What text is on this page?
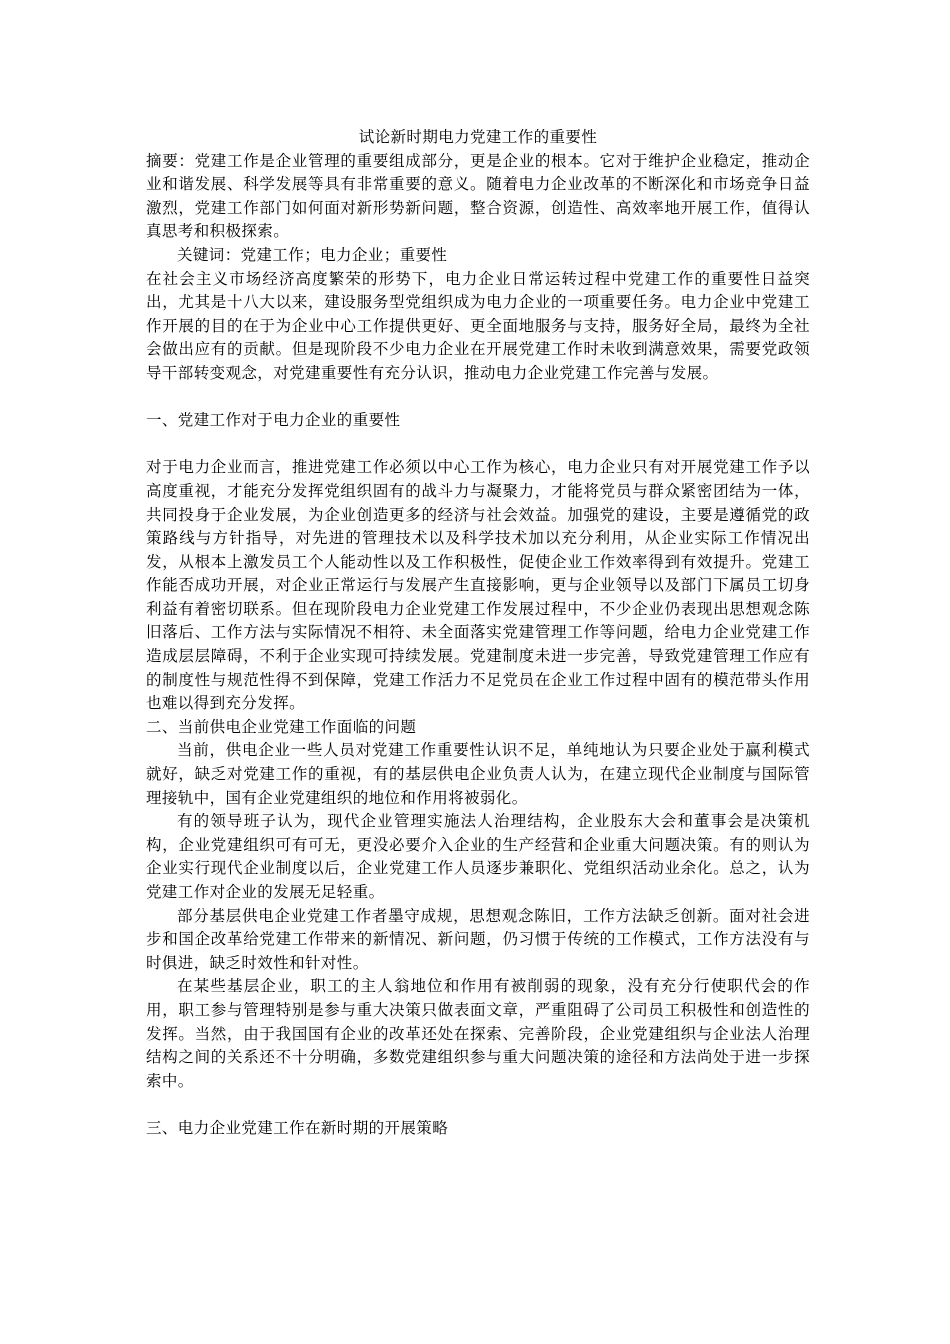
试论新时期电力党建工作的重要性

摘要：党建工作是企业管理的重要组成部分，更是企业的根本。它对于维护企业稳定，推动企业和谐发展、科学发展等具有非常重要的意义。随着电力企业改革的不断深化和市场竞争日益激烈，党建工作部门如何面对新形势新问题，整合资源，创造性、高效率地开展工作，值得认真思考和积极探索。

关键词：党建工作；电力企业；重要性

在社会主义市场经济高度繁荣的形势下，电力企业日常运转过程中党建工作的重要性日益突出，尤其是十八大以来，建设服务型党组织成为电力企业的一项重要任务。电力企业中党建工作开展的目的在于为企业中心工作提供更好、更全面地服务与支持，服务好全局，最终为全社会做出应有的贡献。但是现阶段不少电力企业在开展党建工作时未收到满意效果，需要党政领导干部转变观念，对党建重要性有充分认识，推动电力企业党建工作完善与发展。

一、党建工作对于电力企业的重要性

对于电力企业而言，推进党建工作必须以中心工作为核心，电力企业只有对开展党建工作予以高度重视，才能充分发挥党组织固有的战斗力与凝聚力，才能将党员与群众紧密团结为一体，共同投身于企业发展，为企业创造更多的经济与社会效益。加强党的建设，主要是遵循党的政策路线与方针指导，对先进的管理技术以及科学技术加以充分利用，从企业实际工作情况出发，从根本上激发员工个人能动性以及工作积极性，促使企业工作效率得到有效提升。党建工作能否成功开展，对企业正常运行与发展产生直接影响，更与企业领导以及部门下属员工切身利益有着密切联系。但在现阶段电力企业党建工作发展过程中，不少企业仍表现出思想观念陈旧落后、工作方法与实际情况不相符、未全面落实党建管理工作等问题，给电力企业党建工作造成层层障碍，不利于企业实现可持续发展。党建制度未进一步完善，导致党建管理工作应有的制度性与规范性得不到保障，党建工作活力不足党员在企业工作过程中固有的模范带头作用也难以得到充分发挥。

二、当前供电企业党建工作面临的问题

当前，供电企业一些人员对党建工作重要性认识不足，单纯地认为只要企业处于赢利模式就好，缺乏对党建工作的重视，有的基层供电企业负责人认为，在建立现代企业制度与国际管理接轨中，国有企业党建组织的地位和作用将被弱化。

有的领导班子认为，现代企业管理实施法人治理结构，企业股东大会和董事会是决策机构，企业党建组织可有可无，更没必要介入企业的生产经营和企业重大问题决策。有的则认为企业实行现代企业制度以后，企业党建工作人员逐步兼职化、党组织活动业余化。总之，认为党建工作对企业的发展无足轻重。

部分基层供电企业党建工作者墨守成规，思想观念陈旧，工作方法缺乏创新。面对社会进步和国企改革给党建工作带来的新情况、新问题，仍习惯于传统的工作模式，工作方法没有与时俱进，缺乏时效性和针对性。

在某些基层企业，职工的主人翁地位和作用有被削弱的现象，没有充分行使职代会的作用，职工参与管理特别是参与重大决策只做表面文章，严重阻碍了公司员工积极性和创造性的发挥。当然，由于我国国有企业的改革还处在探索、完善阶段，企业党建组织与企业法人治理结构之间的关系还不十分明确，多数党建组织参与重大问题决策的途径和方法尚处于进一步探索中。

三、电力企业党建工作在新时期的开展策略
